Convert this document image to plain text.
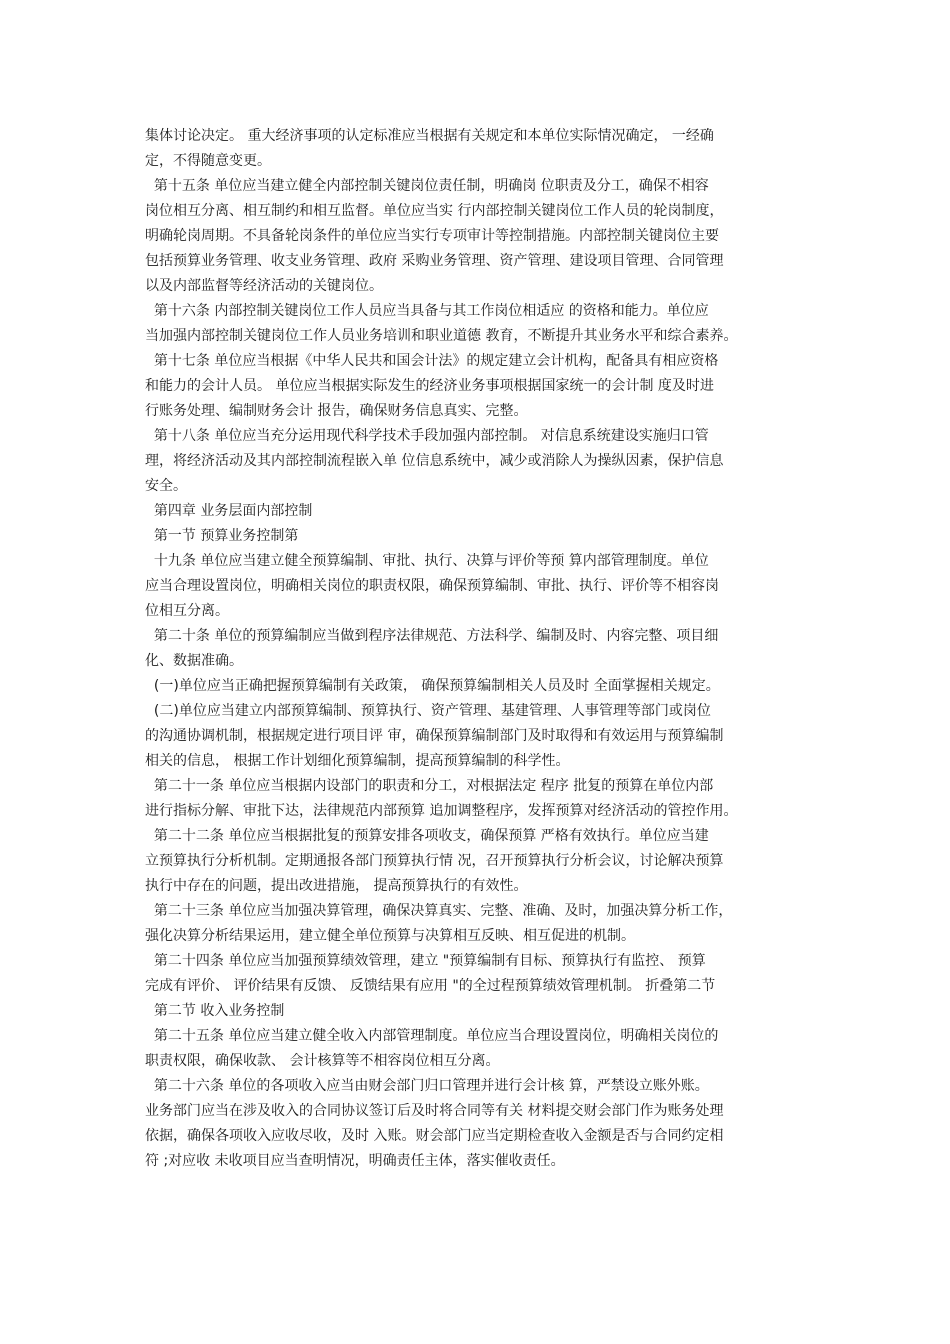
集体讨论决定。 重大经济事项的认定标准应当根据有关规定和本单位实际情况确定， 一经确
定，不得随意变更。
第十五条 单位应当建立健全内部控制关键岗位责任制，明确岗 位职责及分工，确保不相容
岗位相互分离、相互制约和相互监督。单位应当实 行内部控制关键岗位工作人员的轮岗制度，
明确轮岗周期。不具备轮岗条件的单位应当实行专项审计等控制措施。内部控制关键岗位主要
包括预算业务管理、收支业务管理、政府 采购业务管理、资产管理、建设项目管理、合同管理
以及内部监督等经济活动的关键岗位。
第十六条 内部控制关键岗位工作人员应当具备与其工作岗位相适应 的资格和能力。单位应
当加强内部控制关键岗位工作人员业务培训和职业道德 教育，不断提升其业务水平和综合素养。
第十七条 单位应当根据《中华人民共和国会计法》的规定建立会计机构，配备具有相应资格
和能力的会计人员。 单位应当根据实际发生的经济业务事项根据国家统一的会计制 度及时进
行账务处理、编制财务会计 报告，确保财务信息真实、完整。
第十八条 单位应当充分运用现代科学技术手段加强内部控制。 对信息系统建设实施归口管
理，将经济活动及其内部控制流程嵌入单 位信息系统中，减少或消除人为操纵因素，保护信息
安全。
第四章 业务层面内部控制
第一节 预算业务控制第
十九条 单位应当建立健全预算编制、审批、执行、决算与评价等预 算内部管理制度。单位
应当合理设置岗位，明确相关岗位的职责权限，确保预算编制、审批、执行、评价等不相容岗
位相互分离。
第二十条 单位的预算编制应当做到程序法律规范、方法科学、编制及时、内容完整、项目细
化、数据准确。
(一)单位应当正确把握预算编制有关政策， 确保预算编制相关人员及时 全面掌握相关规定。
(二)单位应当建立内部预算编制、预算执行、资产管理、基建管理、人事管理等部门或岗位
的沟通协调机制，根据规定进行项目评 审，确保预算编制部门及时取得和有效运用与预算编制
相关的信息， 根据工作计划细化预算编制，提高预算编制的科学性。
第二十一条 单位应当根据内设部门的职责和分工，对根据法定 程序 批复的预算在单位内部
进行指标分解、审批下达，法律规范内部预算 追加调整程序，发挥预算对经济活动的管控作用。
第二十二条 单位应当根据批复的预算安排各项收支，确保预算 严格有效执行。单位应当建
立预算执行分析机制。定期通报各部门预算执行情 况，召开预算执行分析会议，讨论解决预算
执行中存在的问题，提出改进措施， 提高预算执行的有效性。
第二十三条 单位应当加强决算管理，确保决算真实、完整、准确、及时，加强决算分析工作，
强化决算分析结果运用，建立健全单位预算与决算相互反映、相互促进的机制。
第二十四条 单位应当加强预算绩效管理，建立 "预算编制有目标、预算执行有监控、 预算
完成有评价、 评价结果有反馈、 反馈结果有应用 "的全过程预算绩效管理机制。 折叠第二节
第二节 收入业务控制
第二十五条 单位应当建立健全收入内部管理制度。单位应当合理设置岗位，明确相关岗位的
职责权限，确保收款、 会计核算等不相容岗位相互分离。
第二十六条 单位的各项收入应当由财会部门归口管理并进行会计核 算，严禁设立账外账。
业务部门应当在涉及收入的合同协议签订后及时将合同等有关 材料提交财会部门作为账务处理
依据，确保各项收入应收尽收，及时 入账。财会部门应当定期检查收入金额是否与合同约定相
符 ;对应收 未收项目应当查明情况，明确责任主体，落实催收责任。
